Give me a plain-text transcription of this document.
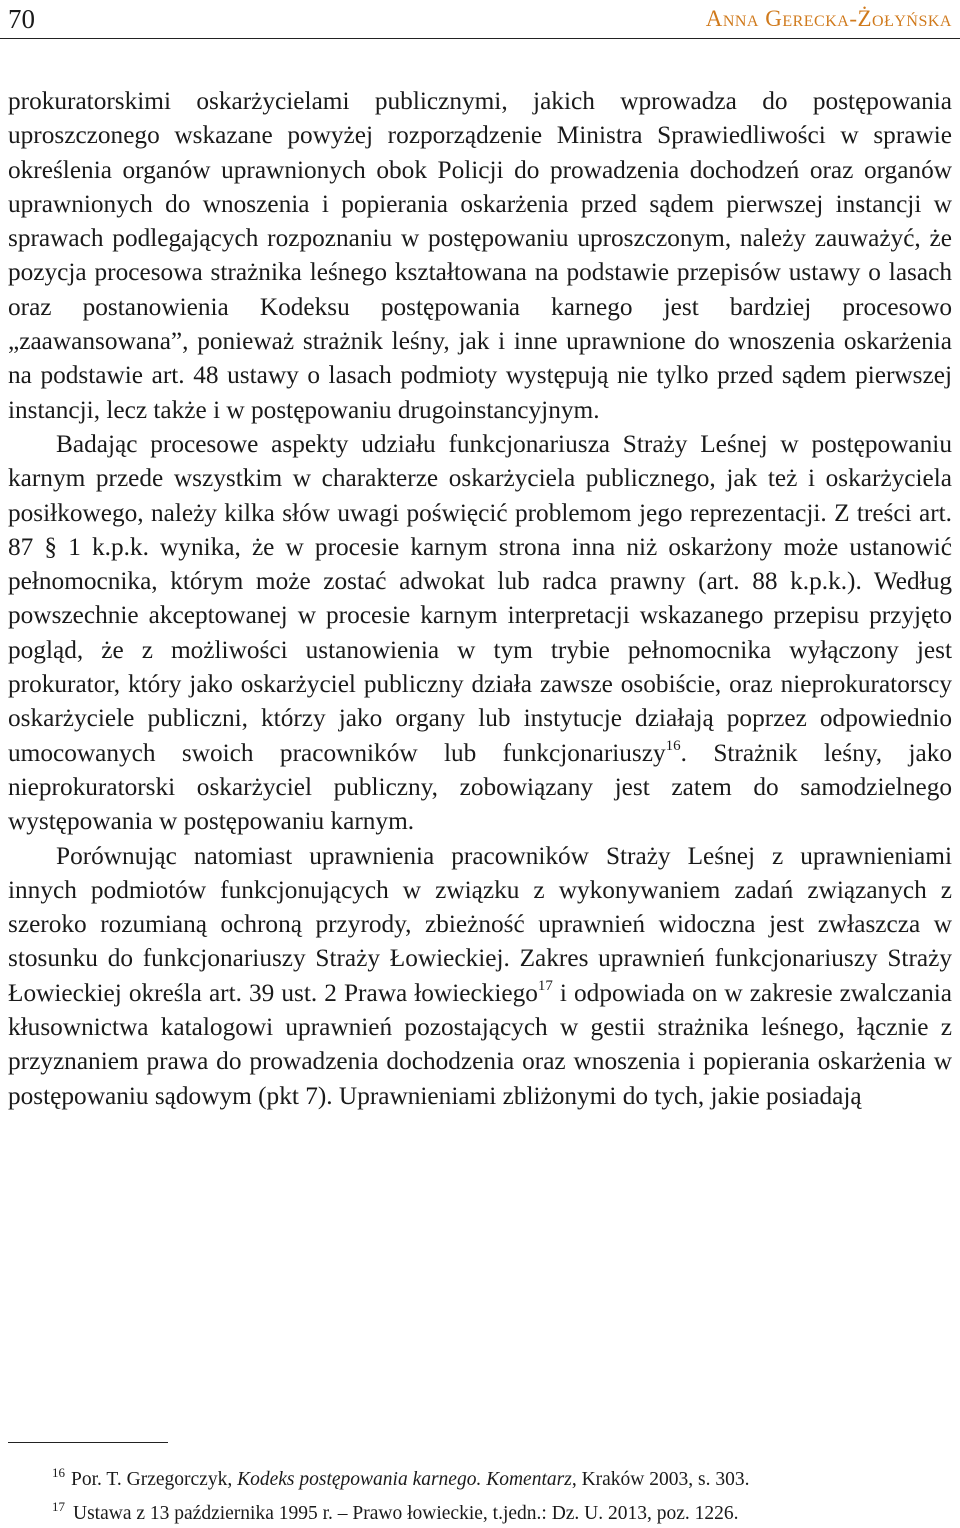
70	Anna Gerecka-Żołyńska

prokuratorskimi oskarżycielami publicznymi, jakich wprowadza do postępowania uproszczonego wskazane powyżej rozporządzenie Ministra Sprawiedliwości w sprawie określenia organów uprawnionych obok Policji do prowadzenia dochodzeń oraz organów uprawnionych do wnoszenia i popierania oskarżenia przed sądem pierwszej instancji w sprawach podlegających rozpoznaniu w postępowaniu uproszczonym, należy zauważyć, że pozycja procesowa strażnika leśnego kształtowana na podstawie przepisów ustawy o lasach oraz postanowienia Kodeksu postępowania karnego jest bardziej procesowo „zaawansowana”, ponieważ strażnik leśny, jak i inne uprawnione do wnoszenia oskarżenia na podstawie art. 48 ustawy o lasach podmioty występują nie tylko przed sądem pierwszej instancji, lecz także i w postępowaniu drugoinstancyjnym.

Badając procesowe aspekty udziału funkcjonariusza Straży Leśnej w postępowaniu karnym przede wszystkim w charakterze oskarżyciela publicznego, jak też i oskarżyciela posiłkowego, należy kilka słów uwagi poświęcić problemom jego reprezentacji. Z treści art. 87 § 1 k.p.k. wynika, że w procesie karnym strona inna niż oskarżony może ustanowić pełnomocnika, którym może zostać adwokat lub radca prawny (art. 88 k.p.k.). Według powszechnie akceptowanej w procesie karnym interpretacji wskazanego przepisu przyjęto pogląd, że z możliwości ustanowienia w tym trybie pełnomocnika wyłączony jest prokurator, który jako oskarżyciel publiczny działa zawsze osobiście, oraz nieprokuratorscy oskarżyciele publiczni, którzy jako organy lub instytucje działają poprzez odpowiednio umocowanych swoich pracowników lub funkcjonariuszy$^{16}$. Strażnik leśny, jako nieprokuratorski oskarżyciel publiczny, zobowiązany jest zatem do samodzielnego występowania w postępowaniu karnym.

Porównując natomiast uprawnienia pracowników Straży Leśnej z uprawnieniami innych podmiotów funkcjonujących w związku z wykonywaniem zadań związanych z szeroko rozumianą ochroną przyrody, zbieżność uprawnień widoczna jest zwłaszcza w stosunku do funkcjonariuszy Straży Łowieckiej. Zakres uprawnień funkcjonariuszy Straży Łowieckiej określa art. 39 ust. 2 Prawa łowieckiego$^{17}$ i odpowiada on w zakresie zwalczania kłusownictwa katalogowi uprawnień pozostających w gestii strażnika leśnego, łącznie z przyznaniem prawa do prowadzenia dochodzenia oraz wnoszenia i popierania oskarżenia w postępowaniu sądowym (pkt 7). Uprawnieniami zbliżonymi do tych, jakie posiadają

$^{16}$ Por. T. Grzegorczyk, Kodeks postępowania karnego. Komentarz, Kraków 2003, s. 303.

$^{17}$ Ustawa z 13 października 1995 r. – Prawo łowieckie, t.jedn.: Dz. U. 2013, poz. 1226.
